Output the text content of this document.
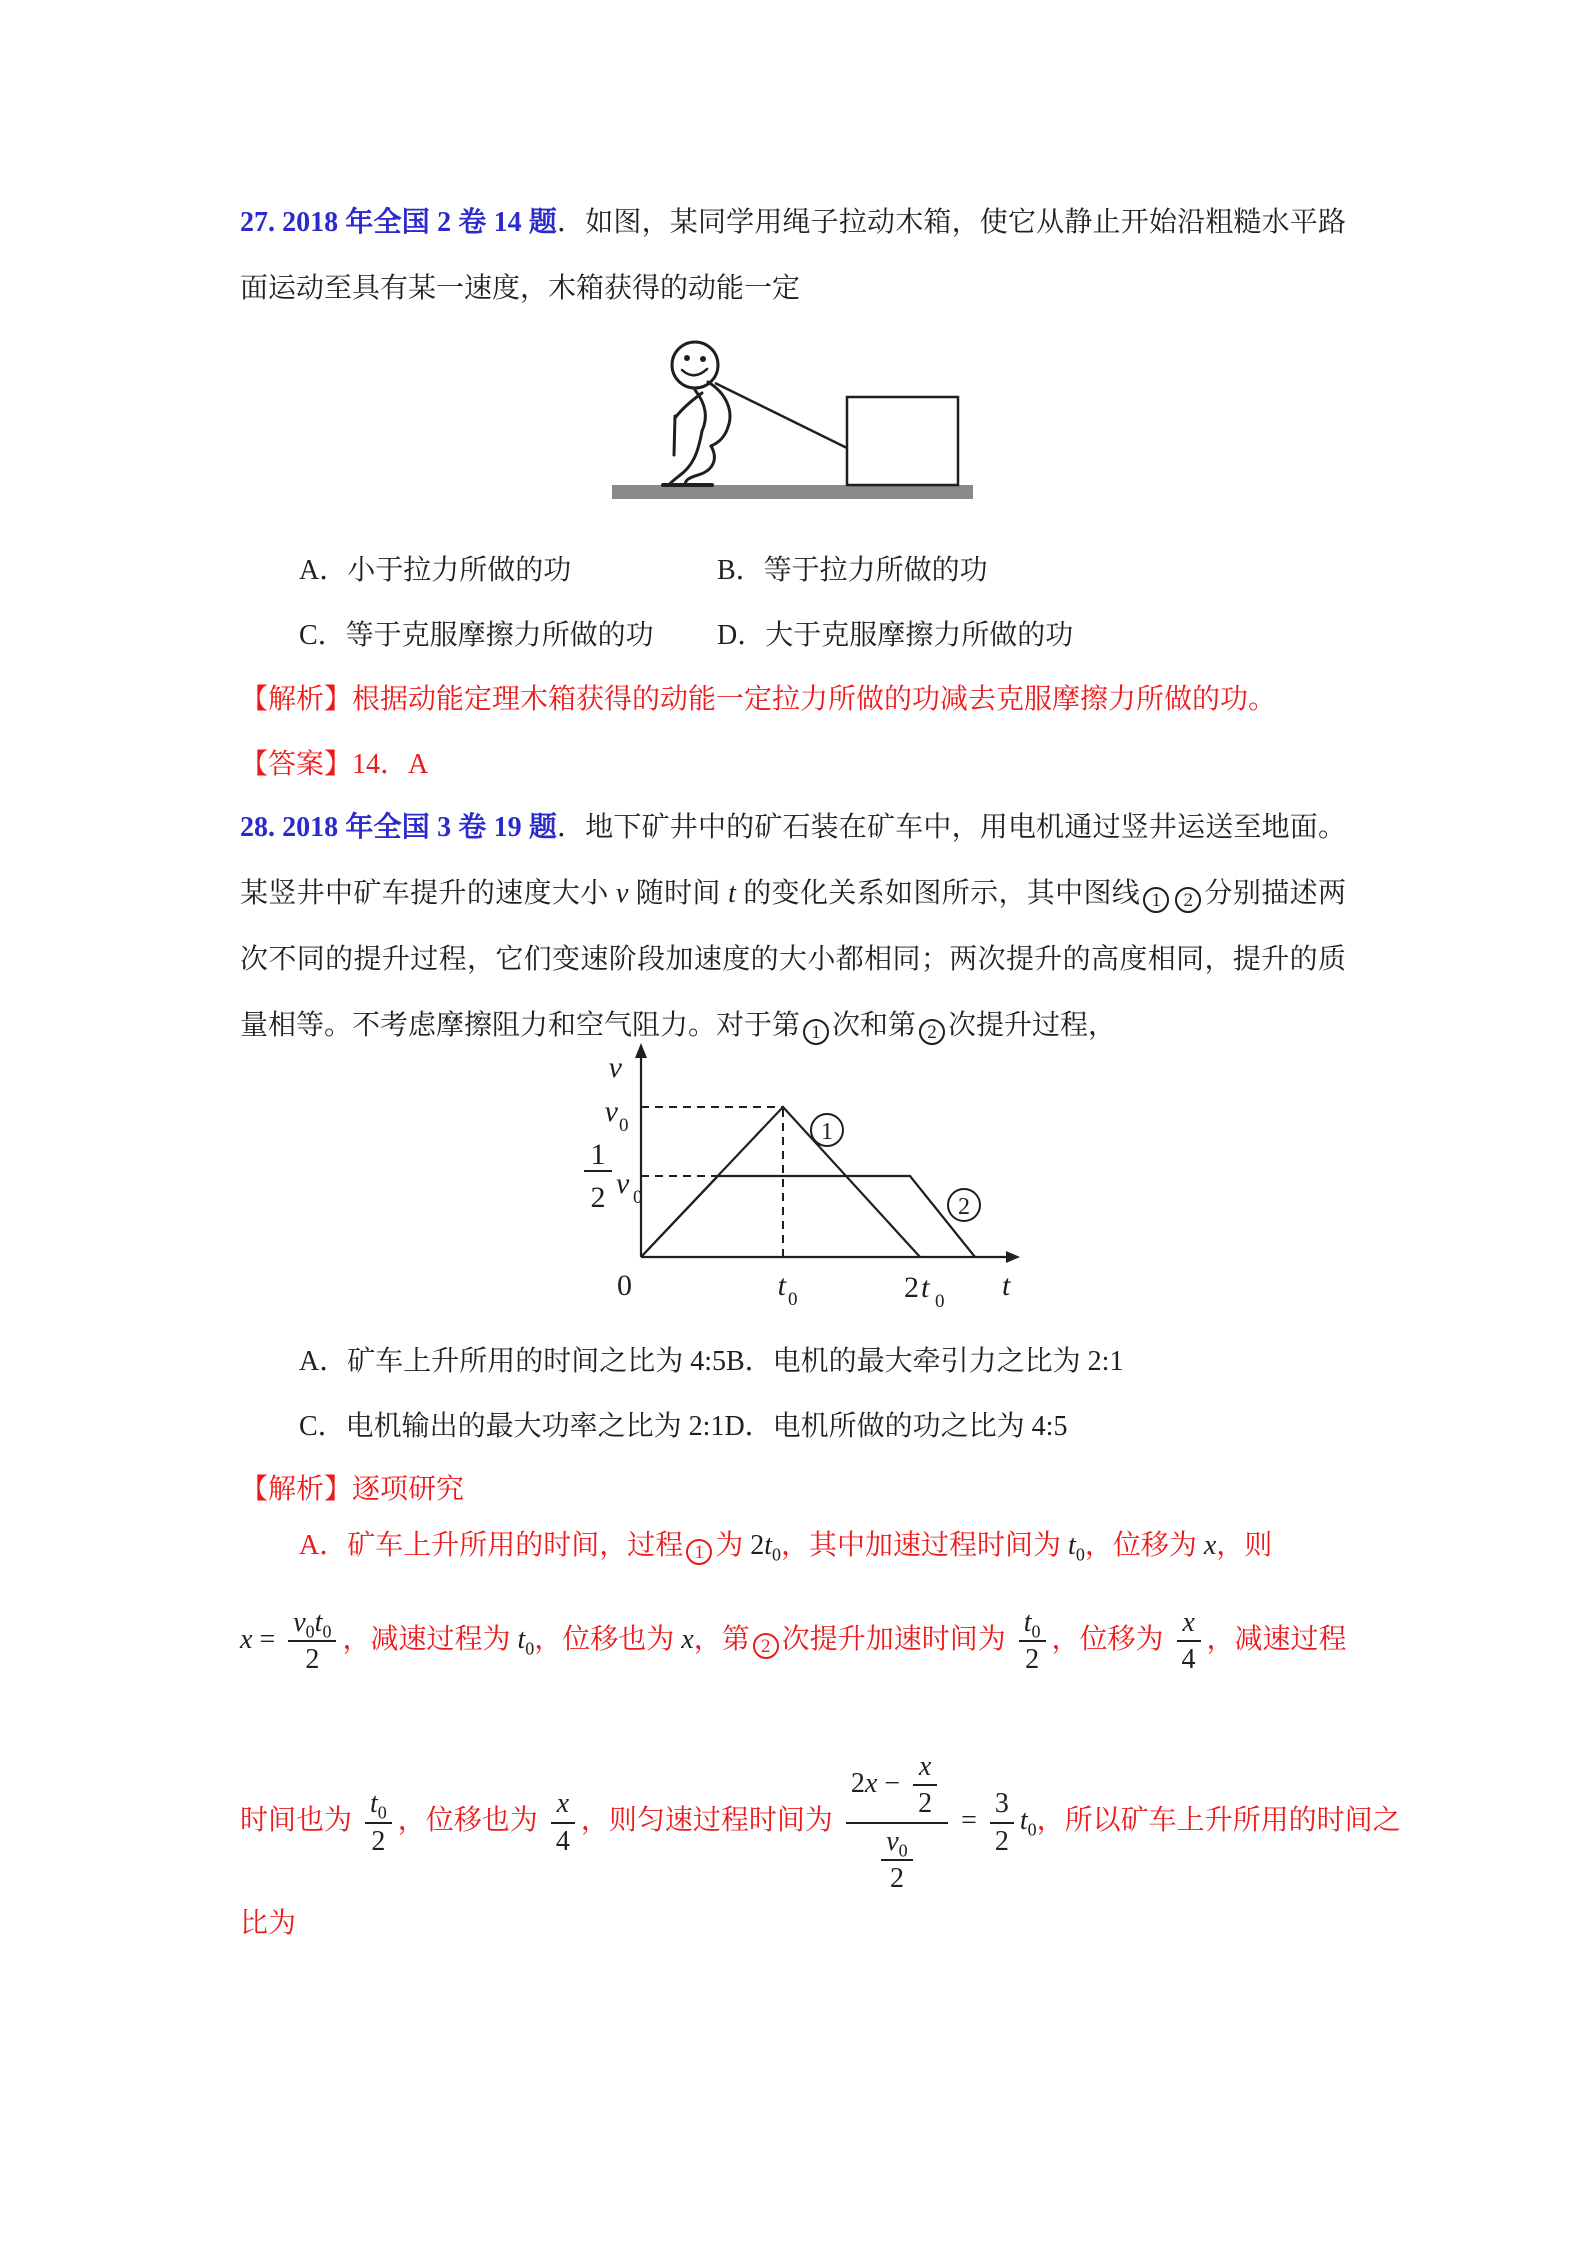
27. 2018 年全国 2 卷 14 题．如图，某同学用绳子拉动木箱，使它从静止开始沿粗糙水平路面运动至具有某一速度，木箱获得的动能一定

A．小于拉力所做的功	B．等于拉力所做的功
C．等于克服摩擦力所做的功 D．大于克服摩擦力所做的功

【解析】根据动能定理木箱获得的动能一定拉力所做的功减去克服摩擦力所做的功。

【答案】14．A

28. 2018 年全国 3 卷 19 题．地下矿井中的矿石装在矿车中，用电机通过竖井运送至地面。某竖井中矿车提升的速度大小 v 随时间 t 的变化关系如图所示，其中图线 1 2 分别描述两次不同的提升过程，它们变速阶段加速度的大小都相同；两次提升的高度相同，提升的质量相等。不考虑摩擦阻力和空气阻力。对于第 1 次和第 2 次提升过程，

v
v 0
1
2 v 0
0	t 0	2 t 0 t
1
2
A．矿车上升所用的时间之比为 4:5B．电机的最大牵引力之比为 2:1
C．电机输出的最大功率之比为 2:1D．电机所做的功之比为 4:5

【解析】逐项研究

A．矿车上升所用的时间，过程 1 为 $2t_0$，其中加速过程时间为 $t_0$，位移为 x，则

$x = \frac{v_0t_0}{2}$ ，减速过程为 $t_0$，位移也为 x，第 2 次提升加速时间为 $\frac{t_0}{2}$ ，位移为 $\frac{x}{4}$ ，减速过程

时间也为 $\frac{t_0}{2}$ ，位移也为 $\frac{x}{4}$ ，则匀速过程时间为 $\frac{2x - \frac{x}{2}}{\frac{v_0}{2}} = \frac{3}{2} t_0$，所以矿车上升所用的时间之

比为
